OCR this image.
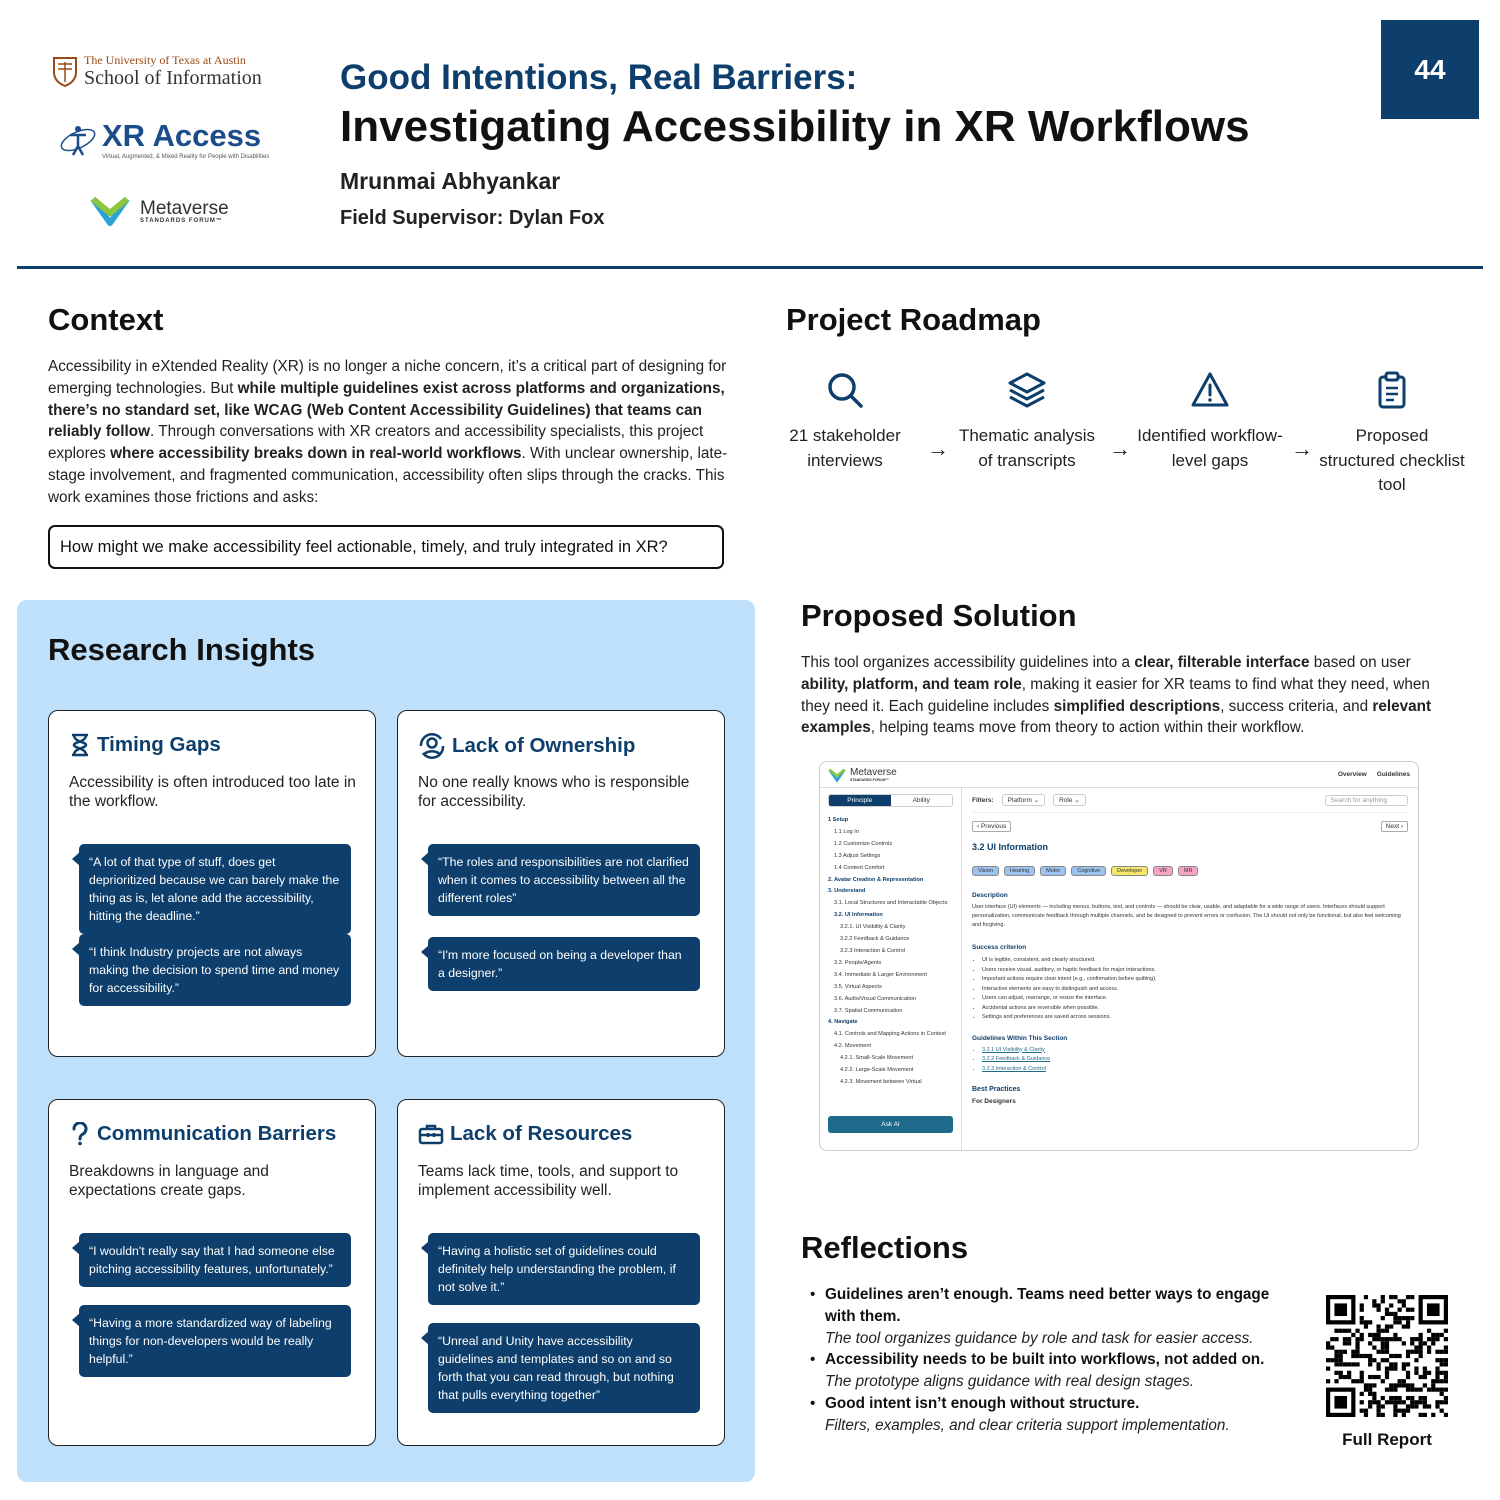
The University of Texas at Austin
School of Information
XR Access
Virtual, Augmented, & Mixed Reality for People with Disabilities
Metaverse
STANDARDS FORUM™
Good Intentions, Real Barriers:
Investigating Accessibility in XR Workflows
Mrunmai Abhyankar
Field Supervisor: Dylan Fox
44
Context
Accessibility in eXtended Reality (XR) is no longer a niche concern, it’s a critical part of designing for emerging technologies. But while multiple guidelines exist across platforms and organizations, there’s no standard set, like WCAG (Web Content Accessibility Guidelines) that teams can reliably follow. Through conversations with XR creators and accessibility specialists, this project explores where accessibility breaks down in real-world workflows. With unclear ownership, late-stage involvement, and fragmented communication, accessibility often slips through the cracks. This work examines those frictions and asks:
How might we make accessibility feel actionable, timely, and truly integrated in XR?
Project Roadmap
21 stakeholder interviews	→
Thematic analysis of transcripts	→
Identified workflow-level gaps	→
Proposed structured checklist tool
Research Insights
Timing Gaps
Accessibility is often introduced too late in the workflow.
“A lot of that type of stuff, does get deprioritized because we can barely make the thing as is, let alone add the accessibility, hitting the deadline.”
“I think Industry projects are not always making the decision to spend time and money for accessibility.”
Lack of Ownership
No one really knows who is responsible for accessibility.
“The roles and responsibilities are not clarified when it comes to accessibility between all the different roles”
“I'm more focused on being a developer than a designer.”
Communication Barriers
Breakdowns in language and expectations create gaps.
“I wouldn't really say that I had someone else pitching accessibility features, unfortunately.”
“Having a more standardized way of labeling things for non-developers would be really helpful.”
Lack of Resources
Teams lack time, tools, and support to implement accessibility well.
“Having a holistic set of guidelines could definitely help understanding the problem, if not solve it.”
“Unreal and Unity have accessibility guidelines and templates and so on and so forth that you can read through, but nothing that pulls everything together”
Proposed Solution
This tool organizes accessibility guidelines into a clear, filterable interface based on user ability, platform, and team role, making it easier for XR teams to find what they need, when they need it. Each guideline includes simplified descriptions, success criteria, and relevant examples, helping teams move from theory to action within their workflow.
Metaverse
STANDARDS FORUM™
Overview Guidelines
Principle	Ability
1 Setup
1.1 Log In
1.2 Customize Controls
1.3 Adjust Settings
1.4 Content Comfort
2. Avatar Creation & Representation
3. Understand
3.1. Local Structures and Interactable Objects
3.2. UI Information
3.2.1. UI Visibility & Clarity
3.2.2 Feedback & Guidance
3.2.3 Interaction & Control
3.3. People/Agents
3.4. Immediate & Larger Environment
3.5. Virtual Aspects
3.6. Audio/Visual Communication
3.7. Spatial Communication
4. Navigate
4.1. Controls and Mapping Actions in Context
4.2. Movement
4.2.1. Small-Scale Movement
4.2.2. Large-Scale Movement
4.2.3. Movement between Virtual
Ask AI
Filters:	Platform ⌄	Role ⌄	Search for anything
‹ Previous	Next ›
3.2 UI Information
Vision	Hearing	Motor	Cognitive	Developer	VR	MR
Description
User interface (UI) elements — including menus, buttons, text, and controls — should be clear, usable, and adaptable for a wide range of users. Interfaces should support personalization, communicate feedback through multiple channels, and be designed to prevent errors or confusion. The UI should not only be functional, but also feel welcoming and forgiving.
Success criterion
• UI is legible, consistent, and clearly structured.
• Users receive visual, auditory, or haptic feedback for major interactions.
• Important actions require clear intent (e.g., confirmation before quitting).
• Interactive elements are easy to distinguish and access.
• Users can adjust, rearrange, or resize the interface.
• Accidental actions are reversible when possible.
• Settings and preferences are saved across sessions.
Guidelines Within This Section
• 3.2.1 UI Visibility & Clarity
• 3.2.2 Feedback & Guidance
• 3.2.3 Interaction & Control
Best Practices
For Designers
Reflections
• Guidelines aren’t enough. Teams need better ways to engage with them.
The tool organizes guidance by role and task for easier access.
• Accessibility needs to be built into workflows, not added on.
The prototype aligns guidance with real design stages.
• Good intent isn’t enough without structure.
Filters, examples, and clear criteria support implementation.
Full Report
